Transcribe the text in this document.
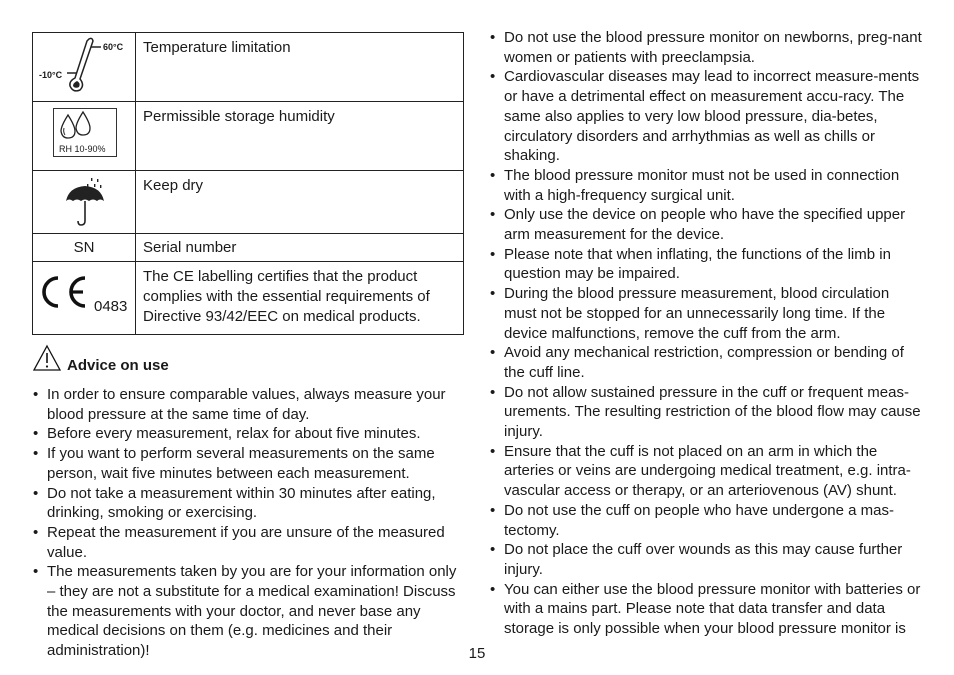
60°C
-10°C	Temperature limitation

RH 10-90%	Permissible storage humidity

	Keep dry
SN	Serial number

0483	The CE labelling certifies that the product complies with the essential requirements of Directive 93/42/EEC on medical products.
Advice on use
• In order to ensure comparable values, always measure your blood pressure at the same time of day.
• Before every measurement, relax for about five minutes.
• If you want to perform several measurements on the same person, wait five minutes between each measurement.
• Do not take a measurement within 30 minutes after eating, drinking, smoking or exercising.
• Repeat the measurement if you are unsure of the measured value.
• The measurements taken by you are for your information only – they are not a substitute for a medical examination! Discuss the measurements with your doctor, and never base any medical decisions on them (e.g. medicines and their administration)!
• Do not use the blood pressure monitor on newborns, preg-nant women or patients with preeclampsia.
• Cardiovascular diseases may lead to incorrect measure-ments or have a detrimental effect on measurement accu-racy. The same also applies to very low blood pressure, dia-betes, circulatory disorders and arrhythmias as well as chills or shaking.
• The blood pressure monitor must not be used in connection with a high-frequency surgical unit.
• Only use the device on people who have the specified upper arm measurement for the device.
• Please note that when inflating, the functions of the limb in question may be impaired.
• During the blood pressure measurement, blood circulation must not be stopped for an unnecessarily long time. If the device malfunctions, remove the cuff from the arm.
• Avoid any mechanical restriction, compression or bending of the cuff line.
• Do not allow sustained pressure in the cuff or frequent meas-urements. The resulting restriction of the blood flow may cause injury.
• Ensure that the cuff is not placed on an arm in which the arteries or veins are undergoing medical treatment, e.g. intra-vascular access or therapy, or an arteriovenous (AV) shunt.
• Do not use the cuff on people who have undergone a mas-tectomy.
• Do not place the cuff over wounds as this may cause further injury.
• You can either use the blood pressure monitor with batteries or with a mains part. Please note that data transfer and data storage is only possible when your blood pressure monitor is
15
